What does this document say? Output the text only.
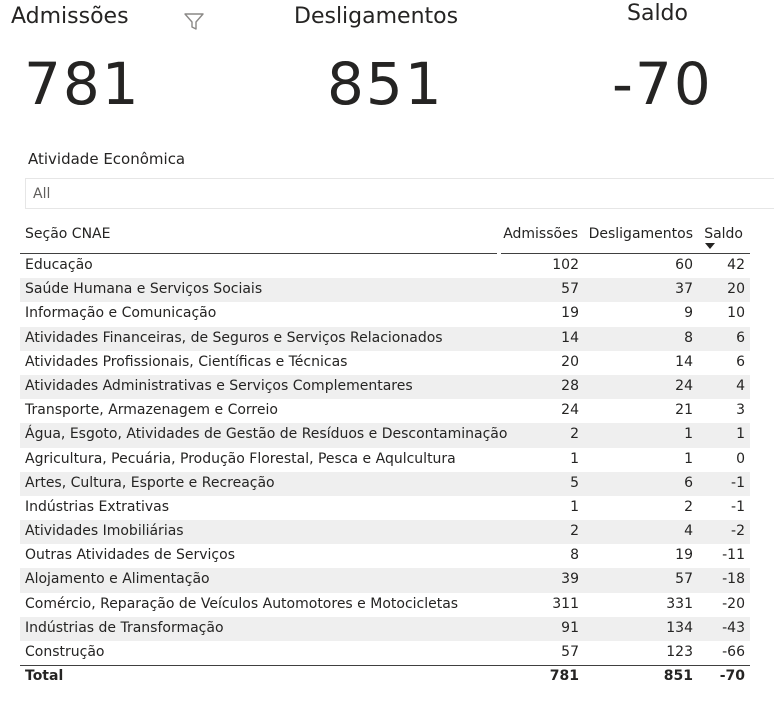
Admissões
781
Desligamentos
851
Saldo
-70
Atividade Econômica
All
Seção CNAE	Admissões Desligamentos Saldo
Educação	102	60 42
Saúde Humana e Serviços Sociais	57	37 20
Informação e Comunicação	19	9 10
Atividades Financeiras, de Seguros e Serviços Relacionados	14	8	6
Atividades Profissionais, Científicas e Técnicas	20	14	6
Atividades Administrativas e Serviços Complementares	28	24	4
Transporte, Armazenagem e Correio	24	21	3
Água, Esgoto, Atividades de Gestão de Resíduos e Descontaminação	2	1	1
Agricultura, Pecuária, Produção Florestal, Pesca e Aqulcultura	1	1	0
Artes, Cultura, Esporte e Recreação	5	6	-1
Indústrias Extrativas	1	2	-1
Atividades Imobiliárias	2	4	-2
Outras Atividades de Serviços	8	19 -11
Alojamento e Alimentação	39	57 -18
Comércio, Reparação de Veículos Automotores e Motocicletas	311	331 -20
Indústrias de Transformação	91	134 -43
Construção	57	123 -66
Total	781	851 -70
